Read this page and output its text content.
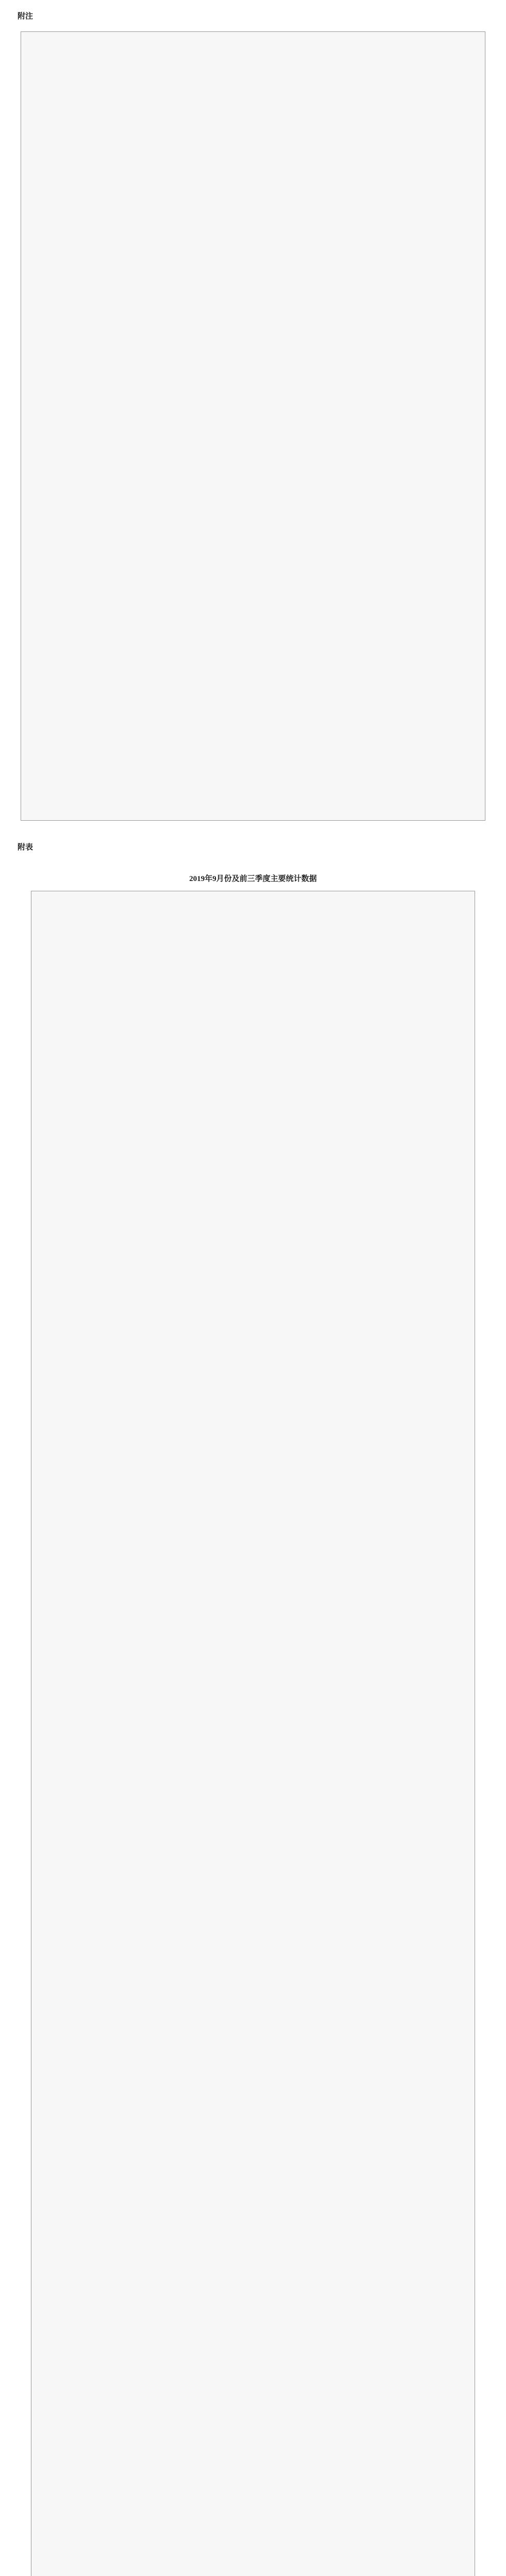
附注
附表
2019年9月份及前三季度主要统计数据
